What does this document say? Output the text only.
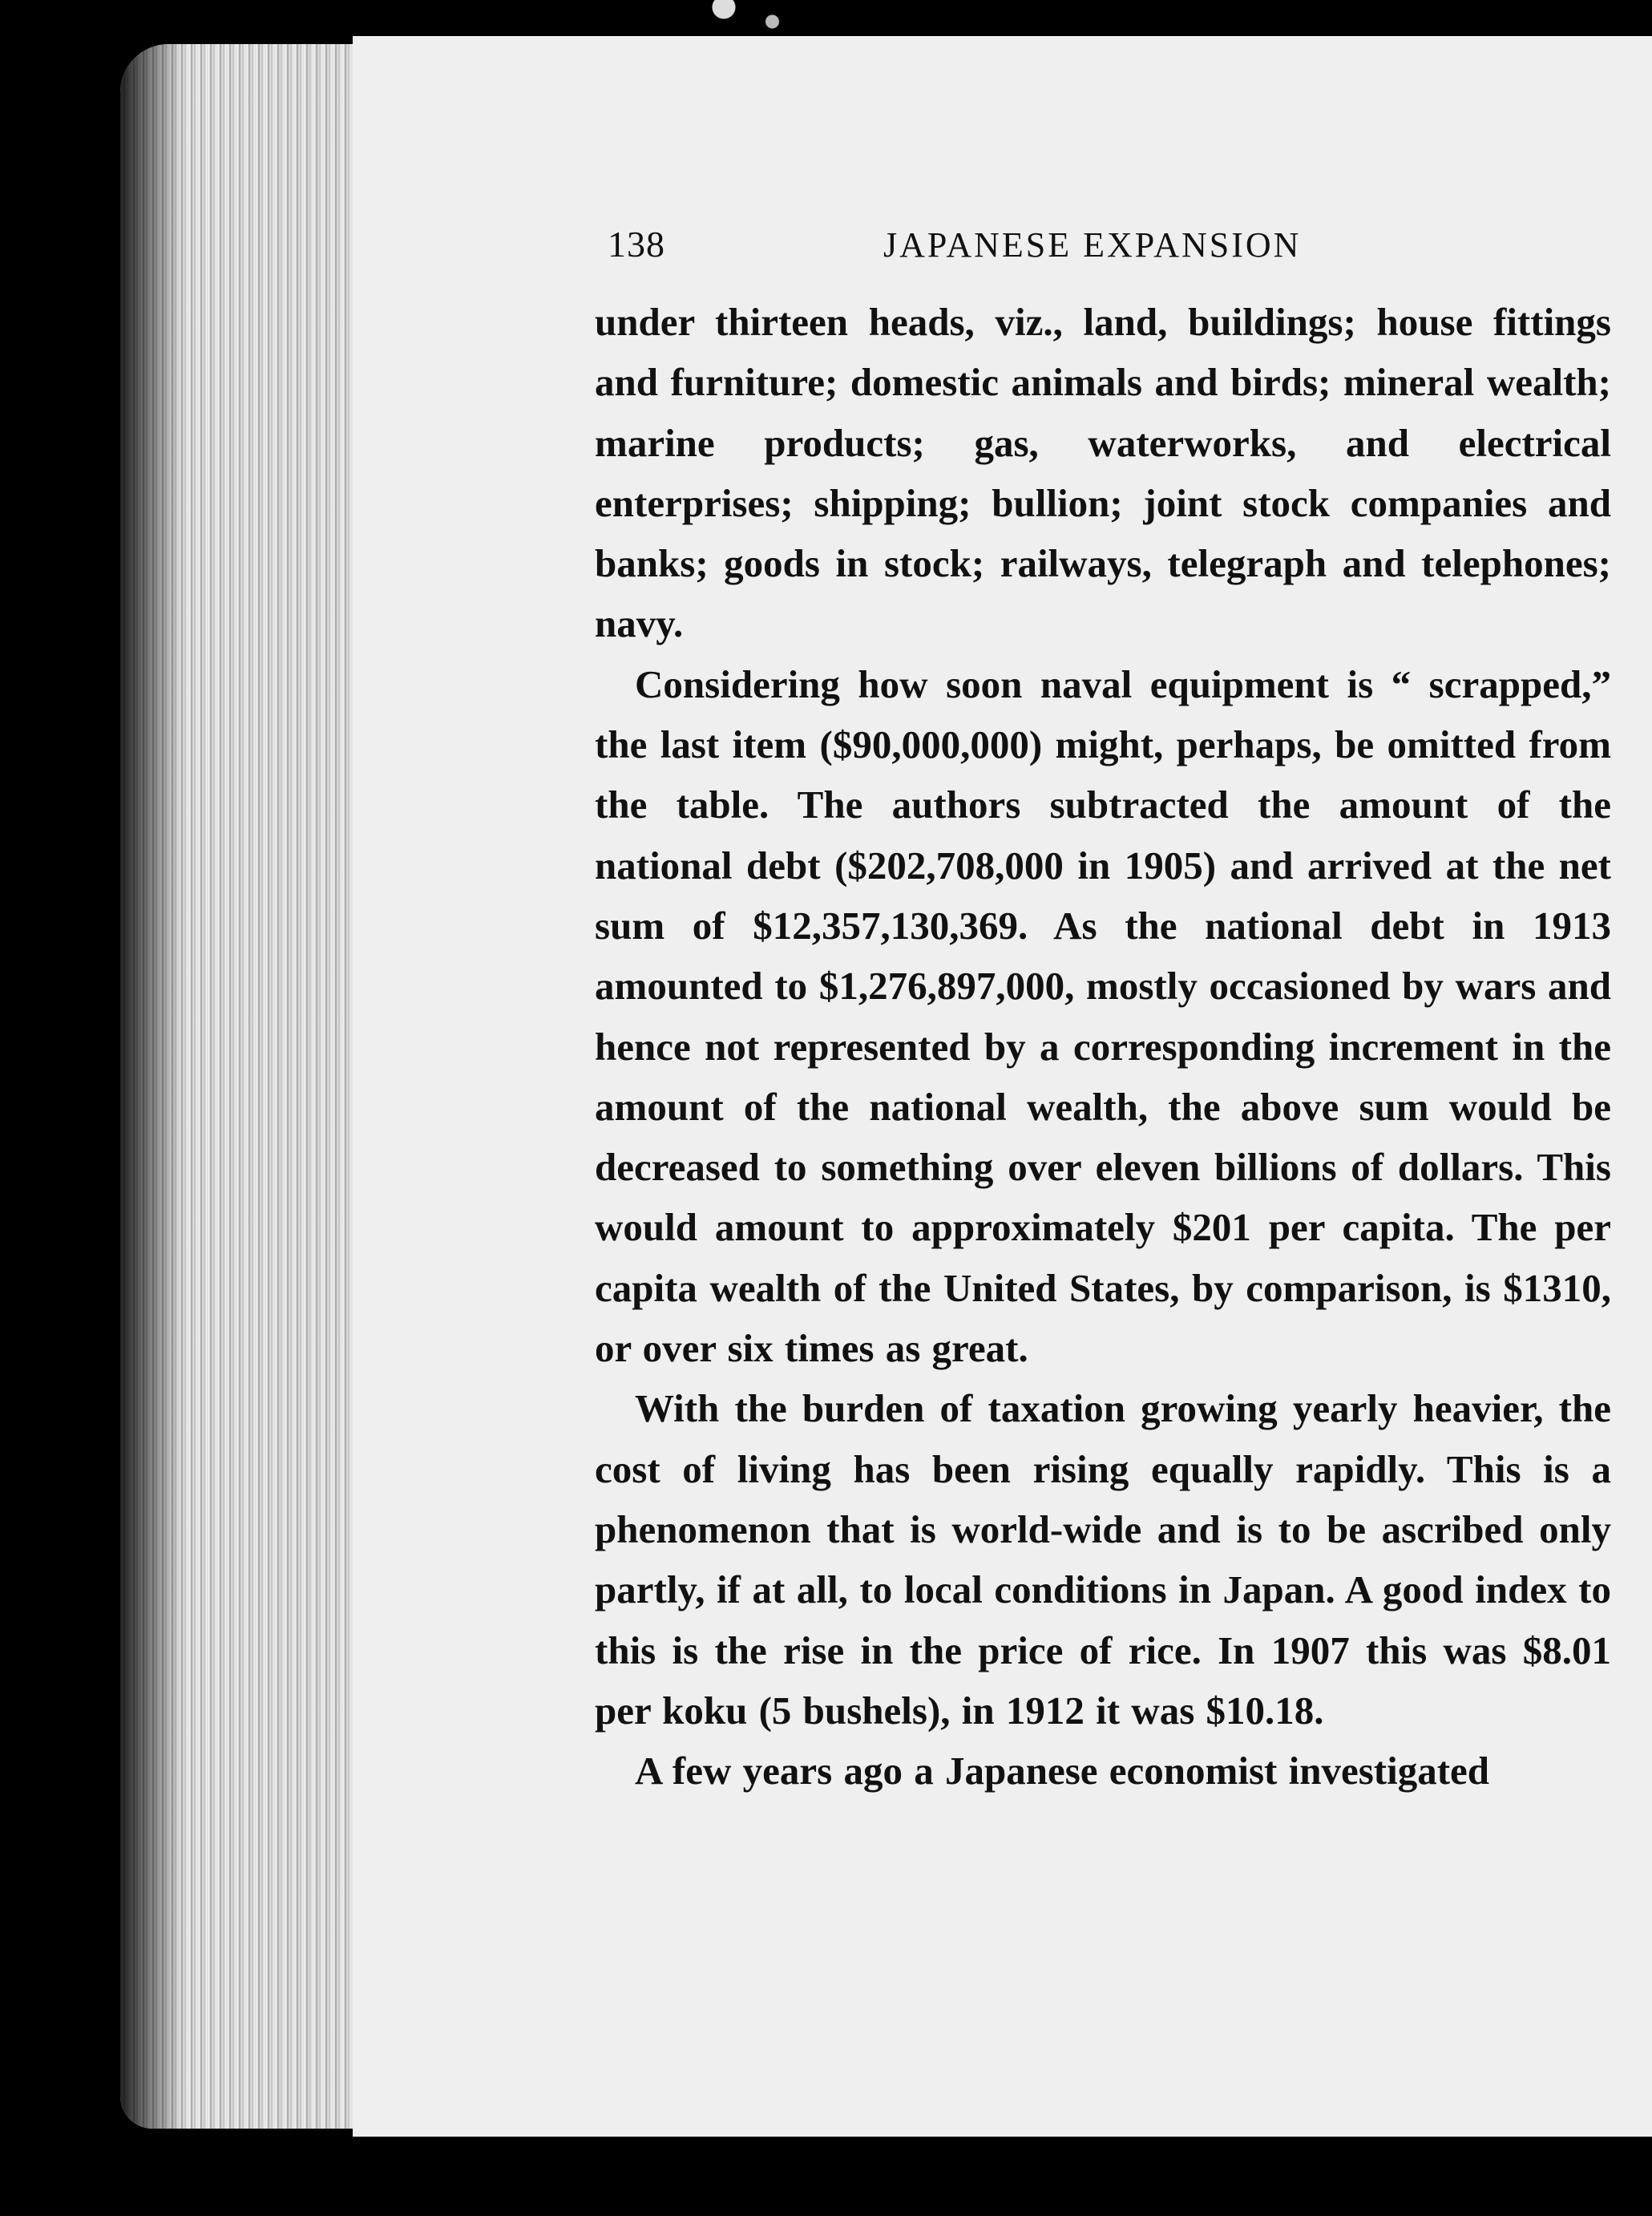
138	JAPANESE EXPANSION

under thirteen heads, viz., land, buildings; house fittings and furniture; domestic animals and birds; mineral wealth; marine products; gas, waterworks, and electrical enterprises; shipping; bullion; joint stock companies and banks; goods in stock; railways, telegraph and telephones; navy.

Considering how soon naval equipment is “ scrapped,” the last item ($90,000,000) might, perhaps, be omitted from the table. The authors subtracted the amount of the national debt ($202,708,000 in 1905) and arrived at the net sum of $12,357,130,369. As the national debt in 1913 amounted to $1,276,897,000, mostly occasioned by wars and hence not represented by a corresponding increment in the amount of the national wealth, the above sum would be decreased to something over eleven billions of dollars. This would amount to approximately $201 per capita. The per capita wealth of the United States, by comparison, is $1310, or over six times as great.

With the burden of taxation growing yearly heavier, the cost of living has been rising equally rapidly. This is a phenomenon that is world-wide and is to be ascribed only partly, if at all, to local conditions in Japan. A good index to this is the rise in the price of rice. In 1907 this was $8.01 per koku (5 bushels), in 1912 it was $10.18.

A few years ago a Japanese economist investigated
